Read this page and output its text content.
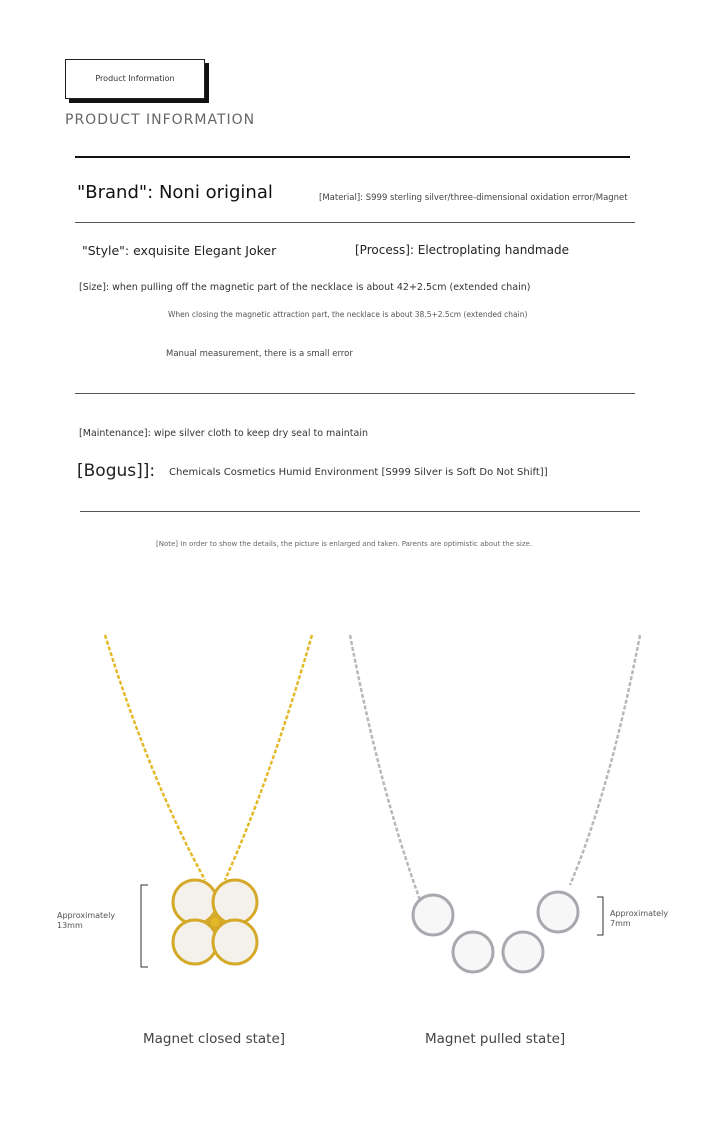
Product Information
PRODUCT INFORMATION
"Brand": Noni original	[Material]: S999 sterling silver/three-dimensional oxidation error/Magnet
"Style": exquisite Elegant Joker	[Process]: Electroplating handmade
[Size]: when pulling off the magnetic part of the necklace is about 42+2.5cm (extended chain)
When closing the magnetic attraction part, the necklace is about 38.5+2.5cm (extended chain)
Manual measurement, there is a small error
[Maintenance]: wipe silver cloth to keep dry seal to maintain
[Bogus]]: Chemicals Cosmetics Humid Environment [S999 Silver is Soft Do Not Shift]]
[Note] In order to show the details, the picture is enlarged and taken. Parents are optimistic about the size.
Approximately
13mm
Approximately
7mm
Magnet closed state]	Magnet pulled state]
